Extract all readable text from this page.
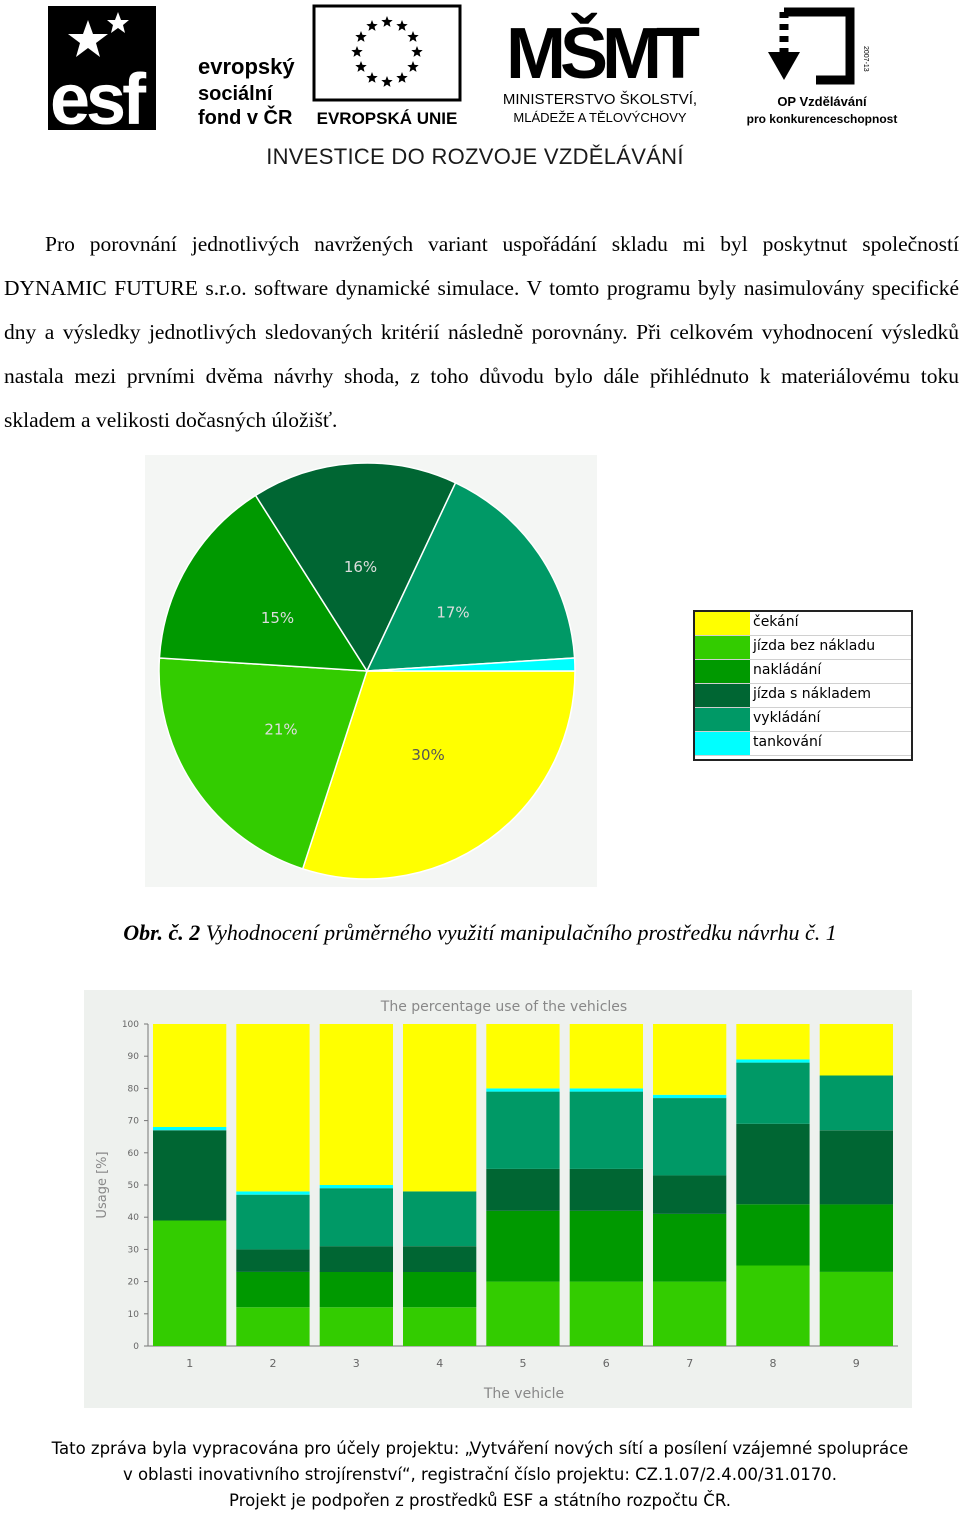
esf	evropský
sociální
fond v ČR EVROPSKÁ UNIE
MŠMT
MINISTERSTVO ŠKOLSTVÍ,
MLÁDEŽE A TĚLOVÝCHOVY
2007-13
OP Vzdělávání
pro konkurenceschopnost
INVESTICE DO ROZVOJE VZDĚLÁVÁNÍ
Pro porovnání jednotlivých navržených variant uspořádání skladu mi byl poskytnut společností DYNAMIC FUTURE s.r.o. software dynamické simulace. V tomto programu byly nasimulovány specifické dny a výsledky jednotlivých sledovaných kritérií následně porovnány. Při celkovém vyhodnocení výsledků nastala mezi prvními dvěma návrhy shoda, z toho důvodu bylo dále přihlédnuto k materiálovému toku skladem a velikosti dočasných úložišť.
30%
21%
15%
16%
17%
čekání
jízda bez nákladu
nakládání
jízda s nákladem
vykládání
tankování
Obr. č. 2 Vyhodnocení průměrného využití manipulačního prostředku návrhu č. 1
The percentage use of the vehicles
0
10
20
30
40
50
60
70
80
90
100
Usage [%]
1	2	3	4	5	6	7	8	9
The vehicle
Tato zpráva byla vypracována pro účely projektu: „Vytváření nových sítí a posílení vzájemné spolupráce
v oblasti inovativního strojírenství“, registrační číslo projektu: CZ.1.07/2.4.00/31.0170.
Projekt je podpořen z prostředků ESF a státního rozpočtu ČR.
